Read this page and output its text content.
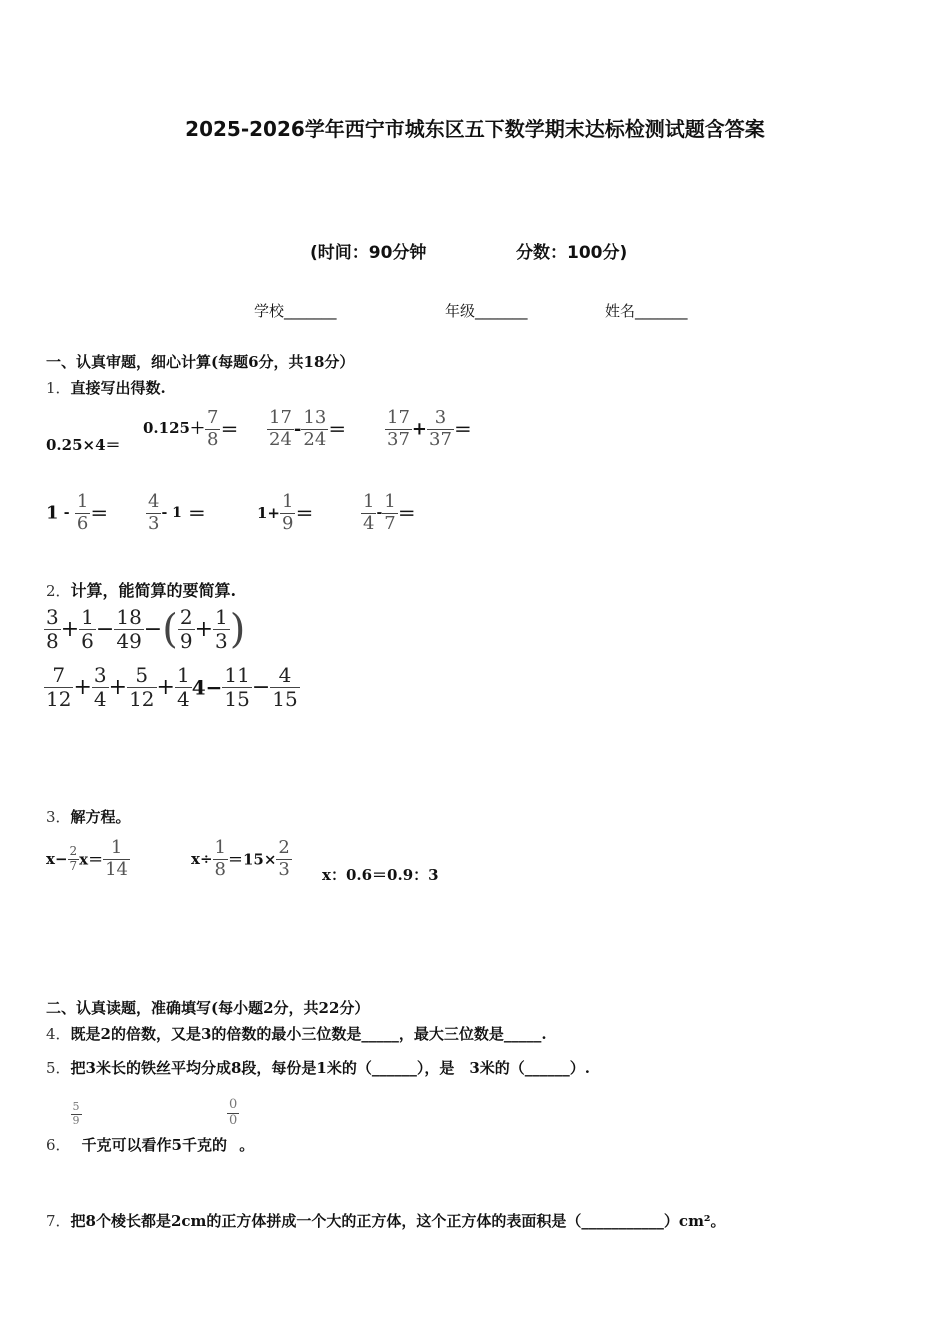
2025-2026学年西宁市城东区五下数学期末达标检测试题含答案
(时间：90分钟	分数：100分)
学校_______	年级_______	姓名_______
一、认真审题，细心计算(每题6分，共18分）
1．直接写出得数.
0.25×4＝
$0.125+ \frac{7}{8} = \frac{17}{24} - \frac{13}{24} = \frac{17}{37} + \frac{3}{37}$ ＝
$1 - \frac{1}{6} = \frac{4}{3} - 1$ ＝	$1+ \frac{1}{9}$ ＝	$\frac{1}{4} - \frac{1}{7}$ ＝
2．计算，能简算的要简算.
$\frac{3}{8} + \frac{1}{6} - \frac{18}{49}$ −( $\frac{2}{9} + \frac{1}{3}$ )
$\frac{7}{12} + \frac{3}{4} + \frac{5}{12} + \frac{1}{4} 4- \frac{11}{15} - \frac{4}{15}$
3．解方程。
$x- \frac{2}{7} x= \frac{1}{14}$	$x\div \frac{1}{8} =15\times \frac{2}{3}$ x：0.6＝0.9：3
二、认真读题，准确填写(每小题2分，共22分）
4．既是2的倍数，又是3的倍数的最小三位数是_____，最大三位数是_____.
5．把3米长的铁丝平均分成8段，每份是1米的（______），是　3米的（______）.
6．
$\frac{5}{9}$
千克可以看作5千克的
$\frac{0}{0}$
。
7．把8个棱长都是2cm的正方体拼成一个大的正方体，这个正方体的表面积是（___________）cm²。
